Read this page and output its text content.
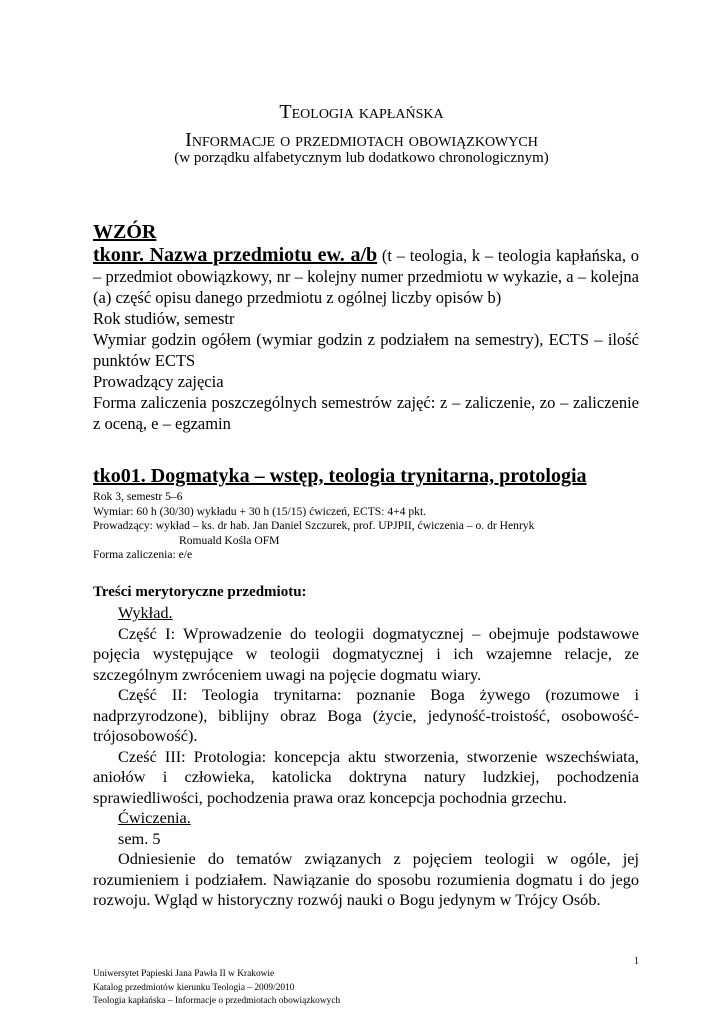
Teologia kapłańska
Informacje o przedmiotach obowiązkowych
(w porządku alfabetycznym lub dodatkowo chronologicznym)
WZÓR
tkonr. Nazwa przedmiotu ew. a/b (t – teologia, k – teologia kapłańska, o – przedmiot obowiązkowy, nr – kolejny numer przedmiotu w wykazie, a – kolejna (a) część opisu danego przedmiotu z ogólnej liczby opisów b)
Rok studiów, semestr
Wymiar godzin ogółem (wymiar godzin z podziałem na semestry), ECTS – ilość punktów ECTS
Prowadzący zajęcia
Forma zaliczenia poszczególnych semestrów zajęć: z – zaliczenie, zo – zaliczenie z oceną, e – egzamin
tko01. Dogmatyka – wstęp, teologia trynitarna, protologia
Rok 3, semestr 5–6
Wymiar: 60 h (30/30) wykładu + 30 h (15/15) ćwiczeń, ECTS: 4+4 pkt.
Prowadzący: wykład – ks. dr hab. Jan Daniel Szczurek, prof. UPJPII, ćwiczenia – o. dr Henryk
Romuald Kośla OFM
Forma zaliczenia: e/e
Treści merytoryczne przedmiotu:

Wykład.

Część I: Wprowadzenie do teologii dogmatycznej – obejmuje podstawowe pojęcia występujące w teologii dogmatycznej i ich wzajemne relacje, ze szczególnym zwróceniem uwagi na pojęcie dogmatu wiary.

Część II: Teologia trynitarna: poznanie Boga żywego (rozumowe i nadprzyrodzone), biblijny obraz Boga (życie, jedyność-troistość, osobowość-trójosobowość).

Cześć III: Protologia: koncepcja aktu stworzenia, stworzenie wszechświata, aniołów i człowieka, katolicka doktryna natury ludzkiej, pochodzenia sprawiedliwości, pochodzenia prawa oraz koncepcja pochodnia grzechu.

Ćwiczenia.

sem. 5

Odniesienie do tematów związanych z pojęciem teologii w ogóle, jej rozumieniem i podziałem. Nawiązanie do sposobu rozumienia dogmatu i do jego rozwoju. Wgląd w historyczny rozwój nauki o Bogu jedynym w Trójcy Osób.

1
Uniwersytet Papieski Jana Pawła II w Krakowie
Katalog przedmiotów kierunku Teologia – 2009/2010
Teologia kapłańska – Informacje o przedmiotach obowiązkowych
